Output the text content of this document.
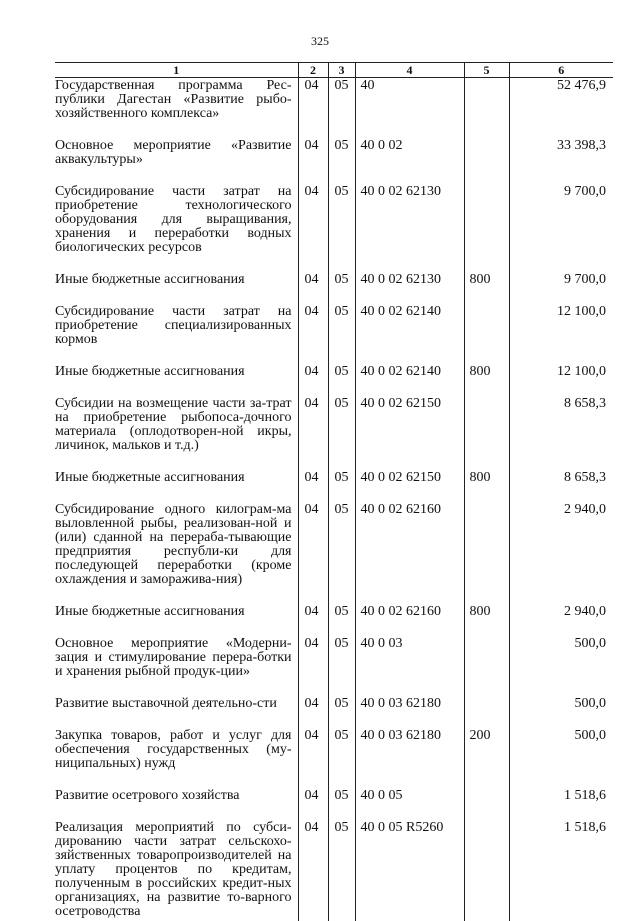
325
1	2	3	4	5	6
Государственная программа Рес-публики Дагестан «Развитие рыбо-хозяйственного комплекса»	04	05	40		52 476,9

Основное мероприятие «Развитие аквакультуры»	04	05	40 0 02		33 398,3

Субсидирование части затрат на приобретение технологического оборудования для выращивания, хранения и переработки водных биологических ресурсов	04	05	40 0 02 62130		9 700,0

Иные бюджетные ассигнования	04	05	40 0 02 62130	800	9 700,0

Субсидирование части затрат на приобретение специализированных кормов	04	05	40 0 02 62140		12 100,0

Иные бюджетные ассигнования	04	05	40 0 02 62140	800	12 100,0

Субсидии на возмещение части за-трат на приобретение рыбопоса-дочного материала (оплодотворен-ной икры, личинок, мальков и т.д.)	04	05	40 0 02 62150		8 658,3

Иные бюджетные ассигнования	04	05	40 0 02 62150	800	8 658,3

Субсидирование одного килограм-ма выловленной рыбы, реализован-ной и (или) сданной на перераба-тывающие предприятия республи-ки для последующей переработки (кроме охлаждения и заморажива-ния)	04	05	40 0 02 62160		2 940,0

Иные бюджетные ассигнования	04	05	40 0 02 62160	800	2 940,0

Основное мероприятие «Модерни-зация и стимулирование перера-ботки и хранения рыбной продук-ции»	04	05	40 0 03		500,0

Развитие выставочной деятельно-сти	04	05	40 0 03 62180		500,0

Закупка товаров, работ и услуг для обеспечения государственных (му-ниципальных) нужд	04	05	40 0 03 62180	200	500,0

Развитие осетрового хозяйства	04	05	40 0 05		1 518,6

Реализация мероприятий по субси-дированию части затрат сельскохо-зяйственных товаропроизводителей на уплату процентов по кредитам, полученным в российских кредит-ных организациях, на развитие то-варного осетроводства	04	05	40 0 05 R5260		1 518,6
